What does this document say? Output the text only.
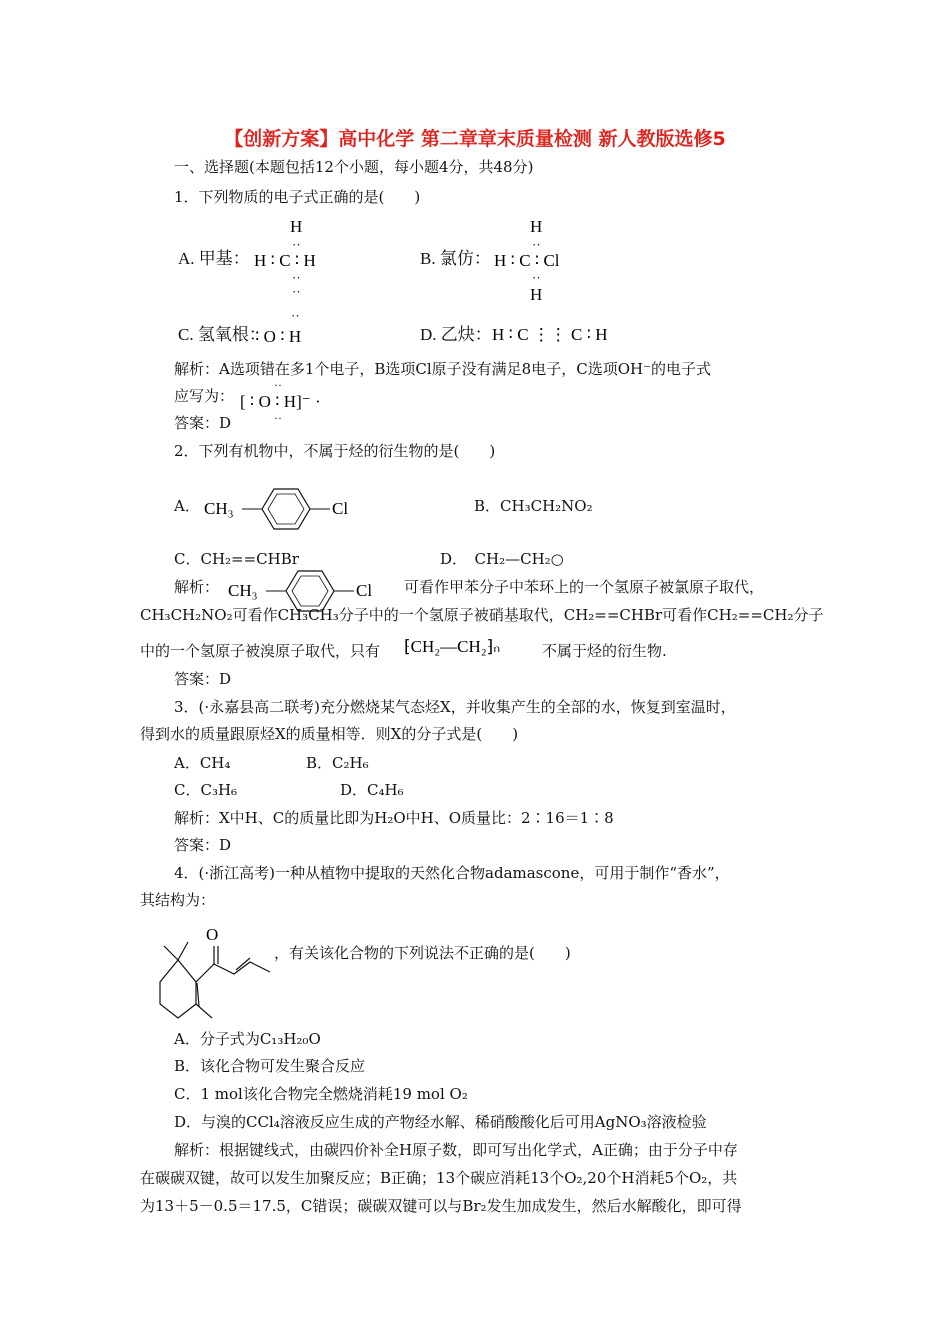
【创新方案】高中化学 第二章章末质量检测 新人教版选修5
一、选择题(本题包括12个小题，每小题4分，共48分)
1．下列物质的电子式正确的是(　　)
A. 甲基：
H
··
H ∶ C ∶ H
··
··
B. 氯仿：
H
··
H ∶ C ∶ Cl
··
H
C. 氢氧根：
··
∶ O ∶ H	D. 乙炔： H ∶ C ⋮⋮ C ∶ H
解析：A选项错在多1个电子，B选项Cl原子没有满足8电子，C选项OH⁻的电子式
应写为：
··
[ ∶ O ∶ H]⁻ ·
··
答案：D
2．下列有机物中，不属于烃的衍生物的是(　　)
A． CH₃	Cl	B．CH₃CH₂NO₂
C．CH₂==CHBr	D．　CH₂—CH₂○
解析： CH₃	Cl 可看作甲苯分子中苯环上的一个氢原子被氯原子取代，
CH₃CH₂NO₂可看作CH₃CH₃分子中的一个氢原子被硝基取代，CH₂==CHBr可看作CH₂==CH₂分子
中的一个氢原子被溴原子取代，只有 ⁅CH₂—CH₂⁆ₙ	不属于烃的衍生物.
答案：D
3．(·永嘉县高二联考)充分燃烧某气态烃X，并收集产生的全部的水，恢复到室温时，
得到水的质量跟原烃X的质量相等．则X的分子式是(　　)
A．CH₄	B．C₂H₆
C．C₃H₆	D．C₄H₆
解析：X中H、C的质量比即为H₂O中H、O质量比：2∶16＝1∶8
答案：D
4．(·浙江高考)一种从植物中提取的天然化合物adamascone，可用于制作“香水”，
其结构为：
O
，有关该化合物的下列说法不正确的是(　　)
A．分子式为C₁₃H₂₀O
B．该化合物可发生聚合反应
C．1 mol该化合物完全燃烧消耗19 mol O₂
D．与溴的CCl₄溶液反应生成的产物经水解、稀硝酸酸化后可用AgNO₃溶液检验
解析：根据键线式，由碳四价补全H原子数，即可写出化学式，A正确；由于分子中存
在碳碳双键，故可以发生加聚反应；B正确；13个碳应消耗13个O₂,20个H消耗5个O₂，共
为13＋5－0.5＝17.5，C错误；碳碳双键可以与Br₂发生加成发生，然后水解酸化，即可得
